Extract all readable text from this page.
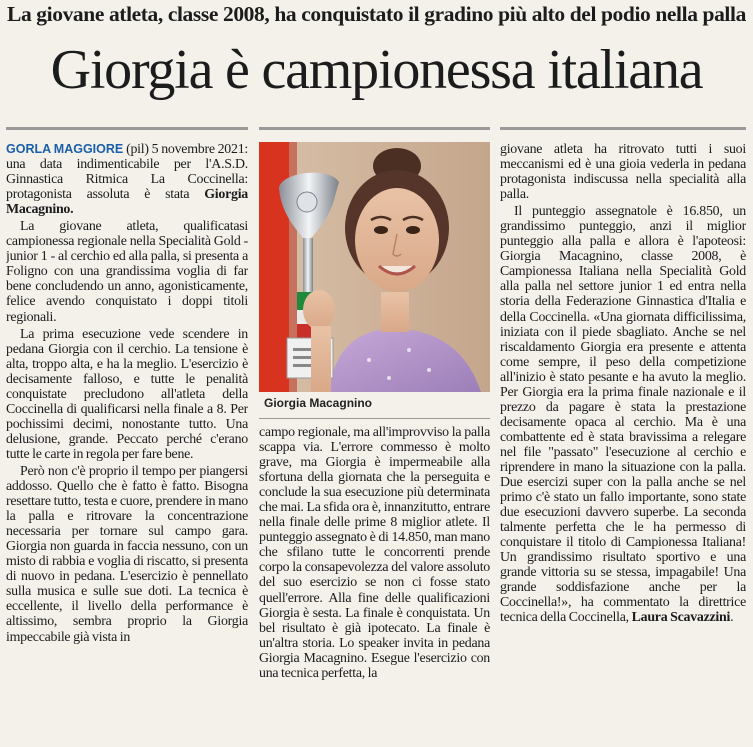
La giovane atleta, classe 2008, ha conquistato il gradino più alto del podio nella palla
Giorgia è campionessa italiana

GORLA MAGGIORE (pil) 5 novembre 2021: una data indimenticabile per l'A.S.D. Ginnastica Ritmica La Coccinella: protagonista assoluta è stata Giorgia Macagnino.

La giovane atleta, qualificatasi campionessa regionale nella Specialità Gold - junior 1 - al cerchio ed alla palla, si presenta a Foligno con una grandissima voglia di far bene concludendo un anno, agonisticamente, felice avendo conquistato i doppi titoli regionali.

La prima esecuzione vede scendere in pedana Giorgia con il cerchio. La tensione è alta, troppo alta, e ha la meglio. L'esercizio è decisamente falloso, e tutte le penalità conquistate precludono all'atleta della Coccinella di qualificarsi nella finale a 8. Per pochissimi decimi, nonostante tutto. Una delusione, grande. Peccato perché c'erano tutte le carte in regola per fare bene.

Però non c'è proprio il tempo per piangersi addosso. Quello che è fatto è fatto. Bisogna resettare tutto, testa e cuore, prendere in mano la palla e ritrovare la concentrazione necessaria per tornare sul campo gara. Giorgia non guarda in faccia nessuno, con un misto di rabbia e voglia di riscatto, si presenta di nuovo in pedana. L'esercizio è pennellato sulla musica e sulle sue doti. La tecnica è eccellente, il livello della performance è altissimo, sembra proprio la Giorgia impeccabile già vista in

Giorgia Macagnino

campo regionale, ma all'improvviso la palla scappa via. L'errore commesso è molto grave, ma Giorgia è impermeabile alla sfortuna della giornata che la perseguita e conclude la sua esecuzione più determinata che mai. La sfida ora è, innanzitutto, entrare nella finale delle prime 8 miglior atlete. Il punteggio assegnato è di 14.850, man mano che sfilano tutte le concorrenti prende corpo la consapevolezza del valore assoluto del suo esercizio se non ci fosse stato quell'errore. Alla fine delle qualificazioni Giorgia è sesta. La finale è conquistata. Un bel risultato è già ipotecato. La finale è un'altra storia. Lo speaker invita in pedana Giorgia Macagnino. Esegue l'esercizio con una tecnica perfetta, la

giovane atleta ha ritrovato tutti i suoi meccanismi ed è una gioia vederla in pedana protagonista indiscussa nella specialità alla palla.

Il punteggio assegnatole è 16.850, un grandissimo punteggio, anzi il miglior punteggio alla palla e allora è l'apoteosi: Giorgia Macagnino, classe 2008, è Campionessa Italiana nella Specialità Gold alla palla nel settore junior 1 ed entra nella storia della Federazione Ginnastica d'Italia e della Coccinella. «Una giornata difficilissima, iniziata con il piede sbagliato. Anche se nel riscaldamento Giorgia era presente e attenta come sempre, il peso della competizione all'inizio è stato pesante e ha avuto la meglio. Per Giorgia era la prima finale nazionale e il prezzo da pagare è stata la prestazione decisamente opaca al cerchio. Ma è una combattente ed è stata bravissima a relegare nel file "passato" l'esecuzione al cerchio e riprendere in mano la situazione con la palla. Due esercizi super con la palla anche se nel primo c'è stato un fallo importante, sono state due esecuzioni davvero superbe. La seconda talmente perfetta che le ha permesso di conquistare il titolo di Campionessa Italiana! Un grandissimo risultato sportivo e una grande vittoria su se stessa, impagabile! Una grande soddisfazione anche per la Coccinella!», ha commentato la direttrice tecnica della Coccinella, Laura Scavazzini.
